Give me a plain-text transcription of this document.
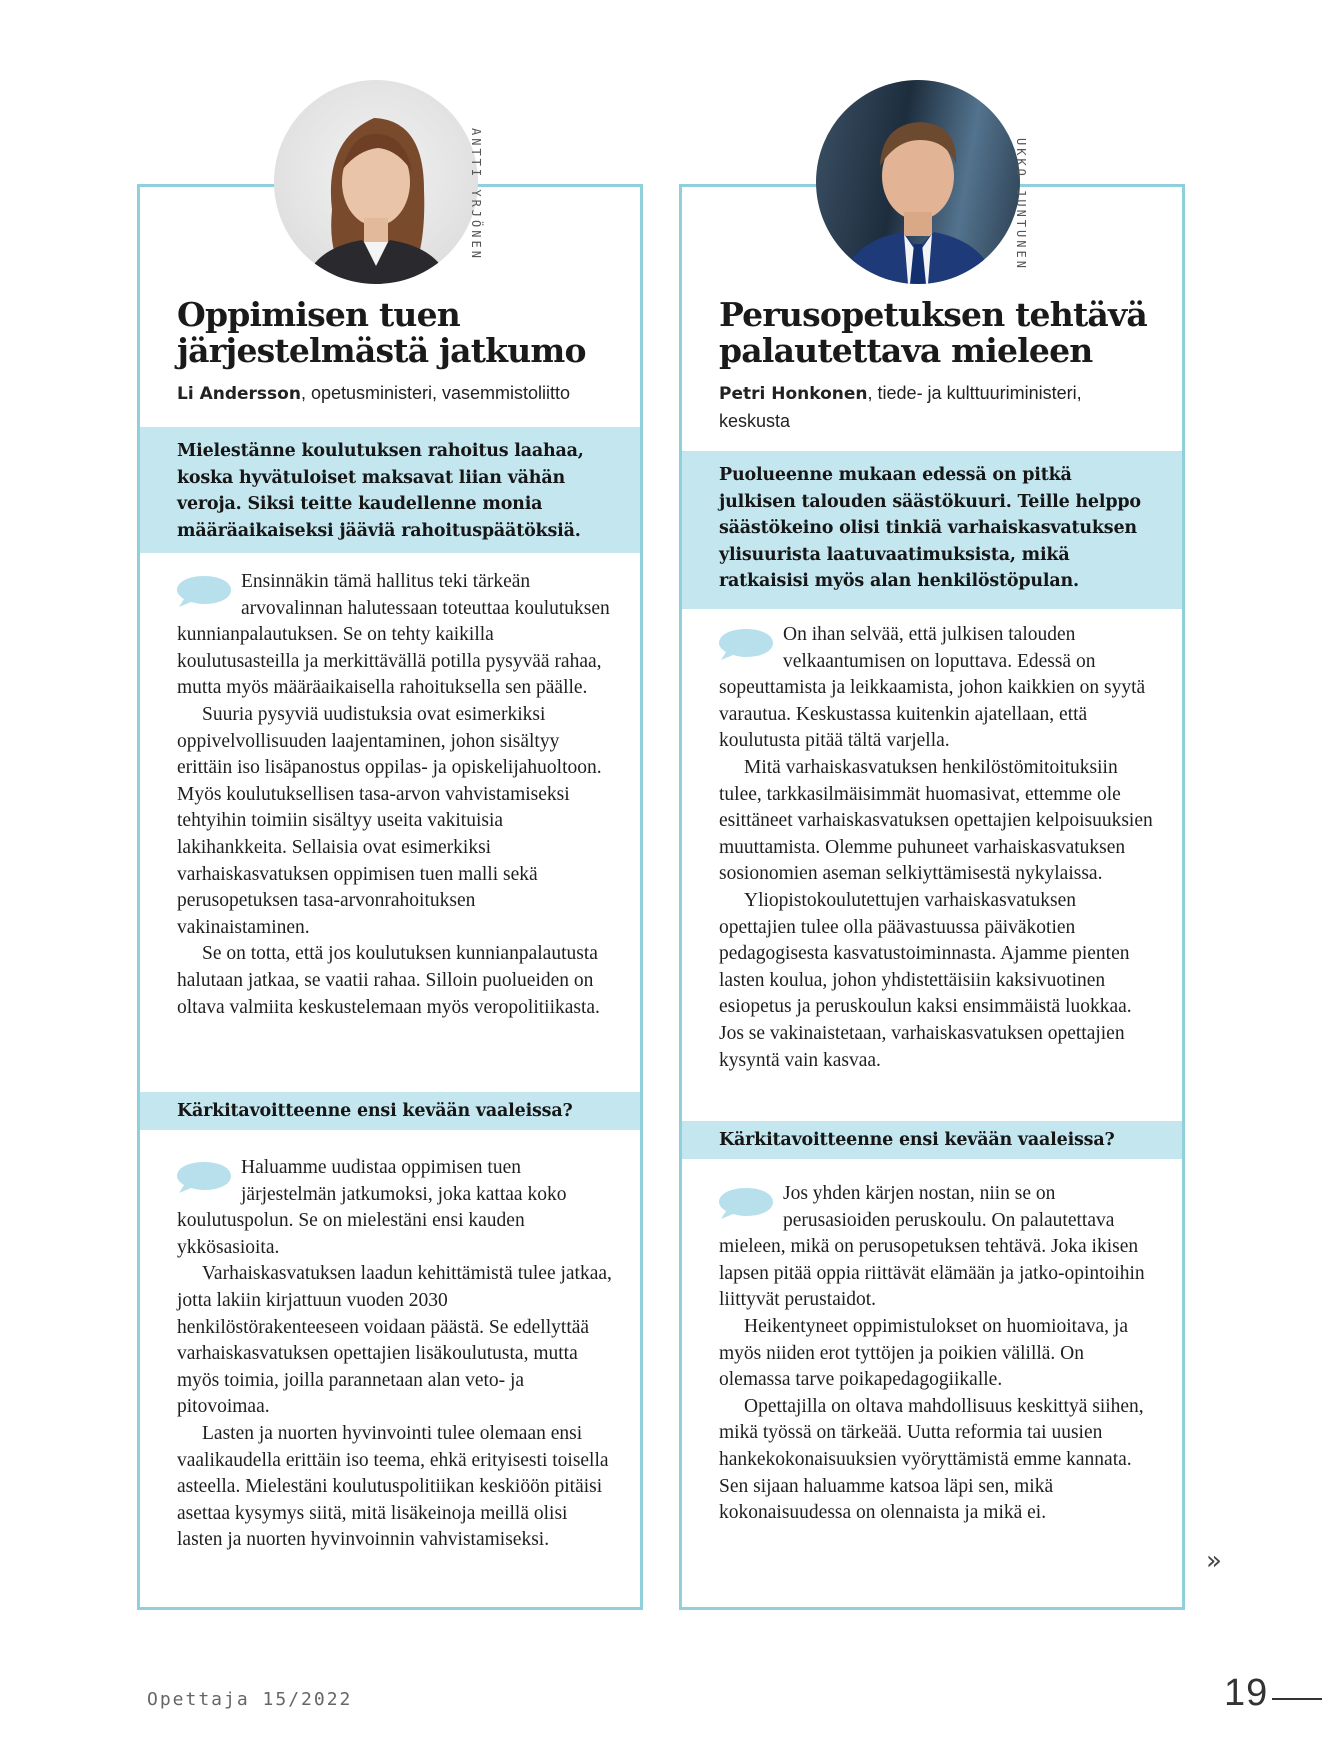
ANTTI YRJÖNEN	UKKO JUNTUNEN
Oppimisen tuen järjestelmästä jatkumo

Li Andersson, opetusministeri, vasemmistoliitto

Mielestänne koulutuksen rahoitus laahaa, koska hyvätuloiset maksavat liian vähän veroja. Siksi teitte kaudellenne monia määräaikaiseksi jääviä rahoituspäätöksiä.

Ensinnäkin tämä hallitus teki tärkeän arvovalinnan halutessaan toteuttaa koulutuksen kunnianpalautuksen. Se on tehty kaikilla koulutusasteilla ja merkittävällä potilla pysyvää rahaa, mutta myös määräaikaisella rahoituksella sen päälle.

Suuria pysyviä uudistuksia ovat esimerkiksi oppivelvollisuuden laajentaminen, johon sisältyy erittäin iso lisäpanostus oppilas- ja opiskelijahuoltoon. Myös koulutuksellisen tasa-arvon vahvistamiseksi tehtyihin toimiin sisältyy useita vakituisia lakihankkeita. Sellaisia ovat esimerkiksi varhaiskasvatuksen oppimisen tuen malli sekä perusopetuksen tasa-arvonrahoituksen vakinaistaminen.

Se on totta, että jos koulutuksen kunnianpalautusta halutaan jatkaa, se vaatii rahaa. Silloin puolueiden on oltava valmiita keskustelemaan myös veropolitiikasta.

Kärkitavoitteenne ensi kevään vaaleissa?

Haluamme uudistaa oppimisen tuen järjestelmän jatkumoksi, joka kattaa koko koulutuspolun. Se on mielestäni ensi kauden ykkösasioita.

Varhaiskasvatuksen laadun kehittämistä tulee jatkaa, jotta lakiin kirjattuun vuoden 2030 henkilöstörakenteeseen voidaan päästä. Se edellyttää varhaiskasvatuksen opettajien lisäkoulutusta, mutta myös toimia, joilla parannetaan alan veto- ja pitovoimaa.

Lasten ja nuorten hyvinvointi tulee olemaan ensi vaalikaudella erittäin iso teema, ehkä erityisesti toisella asteella. Mielestäni koulutuspolitiikan keskiöön pitäisi asettaa kysymys siitä, mitä lisäkeinoja meillä olisi lasten ja nuorten hyvinvoinnin vahvistamiseksi.

Perusopetuksen tehtävä palautettava mieleen

Petri Honkonen, tiede- ja kulttuuriministeri, keskusta

Puolueenne mukaan edessä on pitkä julkisen talouden säästökuuri. Teille helppo säästökeino olisi tinkiä varhaiskasvatuksen ylisuurista laatuvaatimuksista, mikä ratkaisisi myös alan henkilöstöpulan.

On ihan selvää, että julkisen talouden velkaantumisen on loputtava. Edessä on sopeuttamista ja leikkaamista, johon kaikkien on syytä varautua. Keskustassa kuitenkin ajatellaan, että koulutusta pitää tältä varjella.

Mitä varhaiskasvatuksen henkilöstömitoituksiin tulee, tarkkasilmäisimmät huomasivat, ettemme ole esittäneet varhaiskasvatuksen opettajien kelpoisuuksien muuttamista. Olemme puhuneet varhaiskasvatuksen sosionomien aseman selkiyttämisestä nykylaissa.

Yliopistokoulutettujen varhaiskasvatuksen opettajien tulee olla päävastuussa päiväkotien pedagogisesta kasvatustoiminnasta. Ajamme pienten lasten koulua, johon yhdistettäisiin kaksivuotinen esiopetus ja peruskoulun kaksi ensimmäistä luokkaa. Jos se vakinaistetaan, varhaiskasvatuksen opettajien kysyntä vain kasvaa.

Kärkitavoitteenne ensi kevään vaaleissa?

Jos yhden kärjen nostan, niin se on perusasioiden peruskoulu. On palautettava mieleen, mikä on perusopetuksen tehtävä. Joka ikisen lapsen pitää oppia riittävät elämään ja jatko-opintoihin liittyvät perustaidot.

Heikentyneet oppimistulokset on huomioitava, ja myös niiden erot tyttöjen ja poikien välillä. On olemassa tarve poikapedagogiikalle.

Opettajilla on oltava mahdollisuus keskittyä siihen, mikä työssä on tärkeää. Uutta reformia tai uusien hankekokonaisuuksien vyöryttämistä emme kannata. Sen sijaan haluamme katsoa läpi sen, mikä kokonaisuudessa on olennaista ja mikä ei.

»
Opettaja 15/2022	19
